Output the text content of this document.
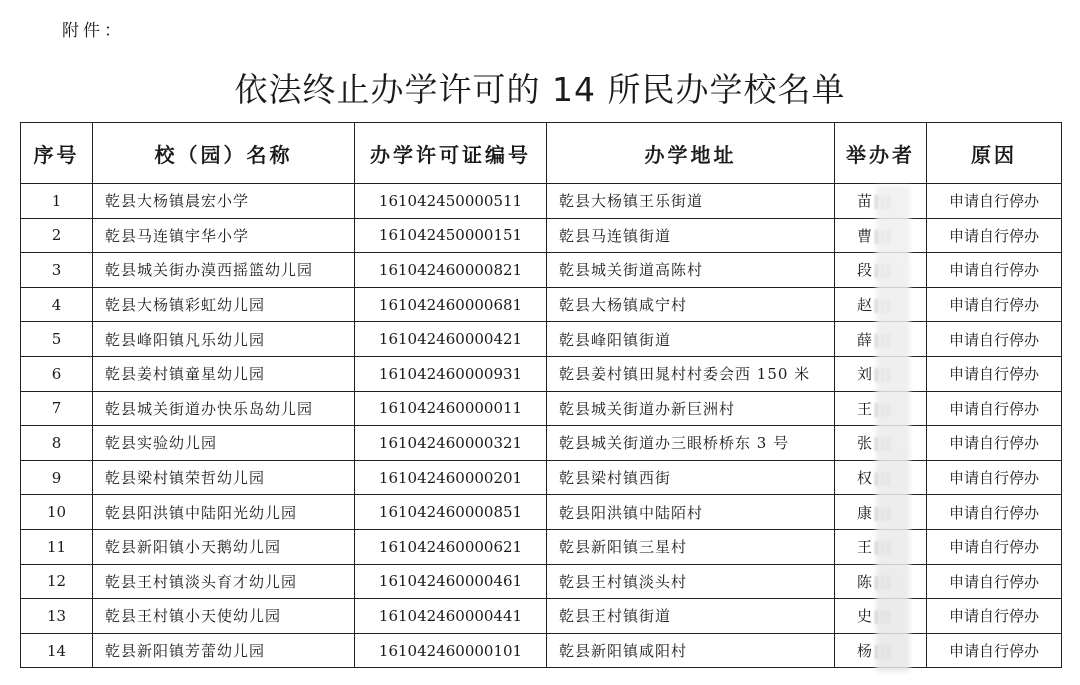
附件：
依法终止办学许可的 14 所民办学校名单
序号	校（园）名称	办学许可证编号	办学地址	举办者	原因
1	乾县大杨镇晨宏小学	161042450000511	乾县大杨镇王乐街道	苗	申请自行停办
2	乾县马连镇宇华小学	161042450000151	乾县马连镇街道	曹	申请自行停办
3	乾县城关街办漠西摇篮幼儿园	161042460000821	乾县城关街道高陈村	段	申请自行停办
4	乾县大杨镇彩虹幼儿园	161042460000681	乾县大杨镇咸宁村	赵	申请自行停办
5	乾县峰阳镇凡乐幼儿园	161042460000421	乾县峰阳镇街道	薛	申请自行停办
6	乾县姜村镇童星幼儿园	161042460000931	乾县姜村镇田晁村村委会西 150 米	刘	申请自行停办
7	乾县城关街道办快乐岛幼儿园	161042460000011	乾县城关街道办新巨洲村	王	申请自行停办
8	乾县实验幼儿园	161042460000321	乾县城关街道办三眼桥桥东 3 号	张	申请自行停办
9	乾县梁村镇荣哲幼儿园	161042460000201	乾县梁村镇西街	权	申请自行停办
10	乾县阳洪镇中陆阳光幼儿园	161042460000851	乾县阳洪镇中陆陌村	康	申请自行停办
11	乾县新阳镇小天鹅幼儿园	161042460000621	乾县新阳镇三星村	王	申请自行停办
12	乾县王村镇淡头育才幼儿园	161042460000461	乾县王村镇淡头村	陈	申请自行停办
13	乾县王村镇小天使幼儿园	161042460000441	乾县王村镇街道	史	申请自行停办
14	乾县新阳镇芳蕾幼儿园	161042460000101	乾县新阳镇咸阳村	杨	申请自行停办
